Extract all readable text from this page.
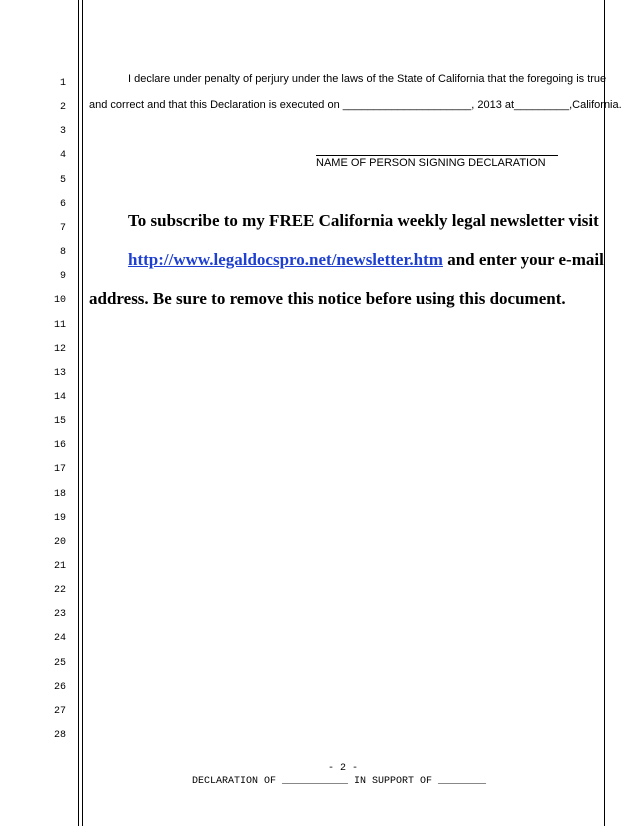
1
2
3
4
5
6
7
8
9
10
11
12
13
14
15
16
17
18
19
20
21
22
23
24
25
26
27
28
I declare under penalty of perjury under the laws of the State of California that the foregoing is true
and correct and that this Declaration is executed on _____________________, 2013 at_________,California.
NAME OF PERSON SIGNING DECLARATION
To subscribe to my FREE California weekly legal newsletter visit
http://www.legaldocspro.net/newsletter.htm and enter your e-mail
address. Be sure to remove this notice before using this document.
- 2 -
DECLARATION OF ___________ IN SUPPORT OF ________
